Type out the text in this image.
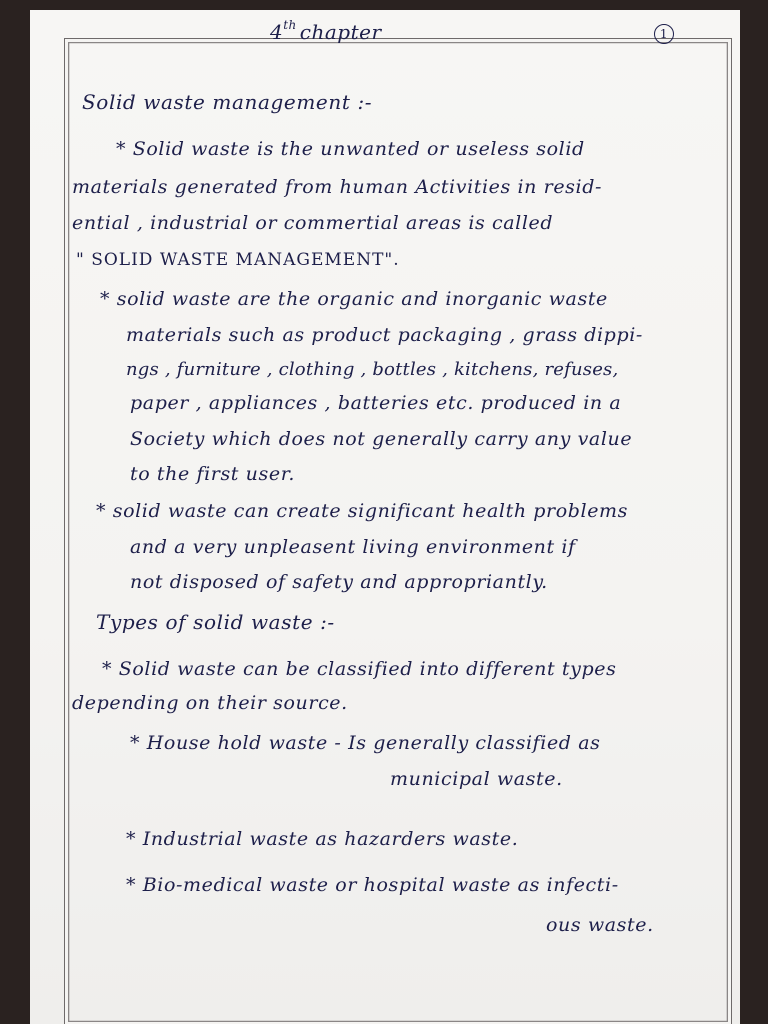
4th chapter	1

Solid waste management :-

* Solid waste is the unwanted or useless solid

materials generated from human Activities in resid-

ential , industrial or commertial areas is called

" SOLID WASTE MANAGEMENT".

* solid waste are the organic and inorganic waste

materials such as product packaging , grass dippi-

ngs , furniture , clothing , bottles , kitchens, refuses,

paper , appliances , batteries etc. produced in a

Society which does not generally carry any value

to the first user.

* solid waste can create significant health problems

and a very unpleasent living environment if

not disposed of safety and appropriantly.

Types of solid waste :-

* Solid waste can be classified into different types

depending on their source.

* House hold waste - Is generally classified as

municipal waste.

* Industrial waste as hazarders waste.

* Bio-medical waste or hospital waste as infecti-

ous waste.
